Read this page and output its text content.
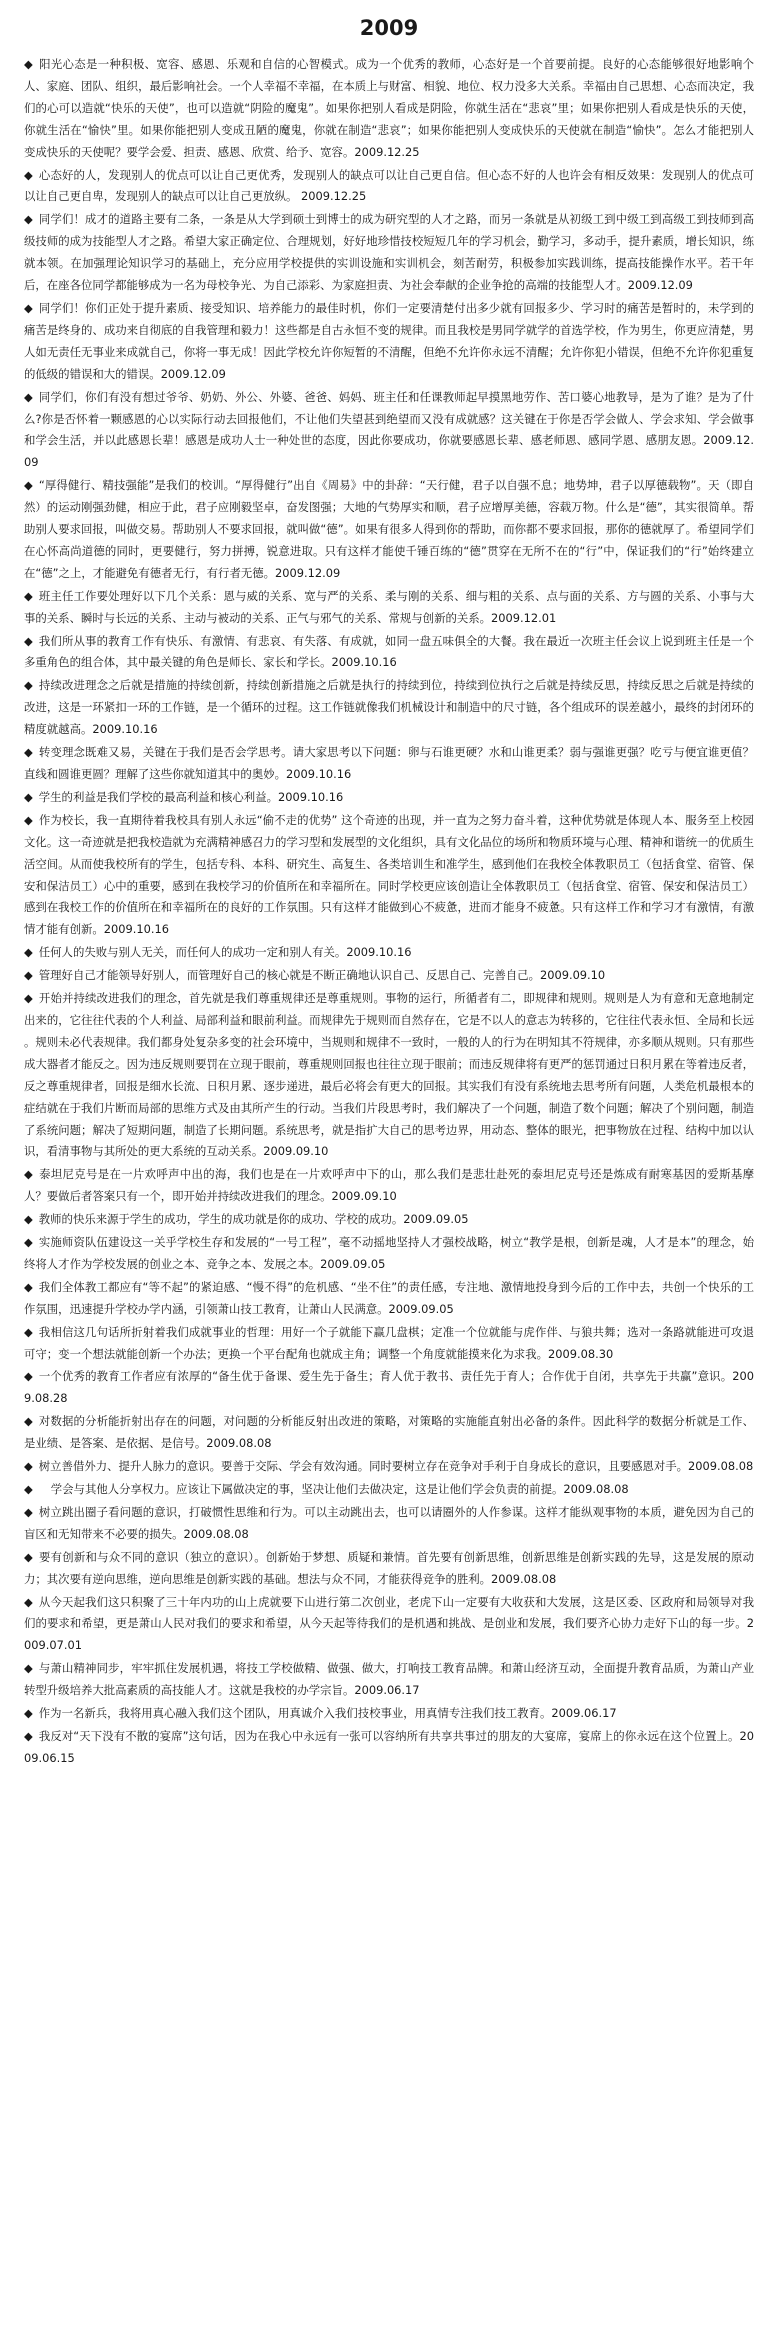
2009

◆ 阳光心态是一种积极、宽容、感恩、乐观和自信的心智模式。成为一个优秀的教师，心态好是一个首要前提。良好的心态能够很好地影响个人、家庭、团队、组织，最后影响社会。一个人幸福不幸福，在本质上与财富、相貌、地位、权力没多大关系。幸福由自己思想、心态而决定，我们的心可以造就“快乐的天使”，也可以造就“阴险的魔鬼”。如果你把别人看成是阴险，你就生活在“悲哀”里；如果你把别人看成是快乐的天使，你就生活在“愉快”里。如果你能把别人变成丑陋的魔鬼，你就在制造“悲哀”；如果你能把别人变成快乐的天使就在制造“愉快”。怎么才能把别人变成快乐的天使呢？要学会爱、担责、感恩、欣赏、给予、宽容。2009.12.25

◆ 心态好的人，发现别人的优点可以让自己更优秀，发现别人的缺点可以让自己更自信。但心态不好的人也许会有相反效果：发现别人的优点可以让自己更自卑，发现别人的缺点可以让自己更放纵。 2009.12.25

◆ 同学们！成才的道路主要有二条，一条是从大学到硕士到博士的成为研究型的人才之路，而另一条就是从初级工到中级工到高级工到技师到高级技师的成为技能型人才之路。希望大家正确定位、合理规划，好好地珍惜技校短短几年的学习机会，勤学习，多动手，提升素质，增长知识，练就本领。在加强理论知识学习的基础上，充分应用学校提供的实训设施和实训机会，刻苦耐劳，积极参加实践训练，提高技能操作水平。若干年后，在座各位同学都能够成为一名为母校争光、为自己添彩、为家庭担责、为社会奉献的企业争抢的高端的技能型人才。2009.12.09

◆ 同学们！你们正处于提升素质、接受知识、培养能力的最佳时机，你们一定要清楚付出多少就有回报多少、学习时的痛苦是暂时的，未学到的痛苦是终身的、成功来自彻底的自我管理和毅力！这些都是自古永恒不变的规律。而且我校是男同学就学的首选学校，作为男生，你更应清楚，男人如无责任无事业来成就自己，你将一事无成！因此学校允许你短暂的不清醒，但绝不允许你永远不清醒；允许你犯小错误，但绝不允许你犯重复的低级的错误和大的错误。2009.12.09

◆ 同学们，你们有没有想过爷爷、奶奶、外公、外婆、爸爸、妈妈、班主任和任课教师起早摸黑地劳作、苦口婆心地教导，是为了谁？是为了什么?你是否怀着一颗感恩的心以实际行动去回报他们，不让他们失望甚到绝望而又没有成就感？这关键在于你是否学会做人、学会求知、学会做事和学会生活，并以此感恩长辈！感恩是成功人士一种处世的态度，因此你要成功，你就要感恩长辈、感老师恩、感同学恩、感朋友恩。2009.12.09

◆ “厚得健行、精技强能”是我们的校训。“厚得健行”出自《周易》中的卦辞：“天行健，君子以自强不息；地势坤，君子以厚德载物”。天（即自然）的运动刚强劲健，相应于此，君子应刚毅坚卓，奋发图强；大地的气势厚实和顺，君子应增厚美德，容载万物。什么是“德”，其实很简单。帮助别人要求回报，叫做交易。帮助别人不要求回报，就叫做“德”。如果有很多人得到你的帮助，而你都不要求回报，那你的德就厚了。希望同学们在心怀高尚道德的同时，更要健行，努力拼搏，锐意进取。只有这样才能使千锤百练的“德”贯穿在无所不在的“行”中，保证我们的“行”始终建立在“德”之上，才能避免有德者无行，有行者无德。2009.12.09

◆ 班主任工作要处理好以下几个关系：恩与威的关系、宽与严的关系、柔与刚的关系、细与粗的关系、点与面的关系、方与圆的关系、小事与大事的关系、瞬时与长远的关系、主动与被动的关系、正气与邪气的关系、常规与创新的关系。2009.12.01

◆ 我们所从事的教育工作有快乐、有激情、有悲哀、有失落、有成就，如同一盘五味俱全的大餐。我在最近一次班主任会议上说到班主任是一个多重角色的组合体，其中最关键的角色是师长、家长和学长。2009.10.16

◆ 持续改进理念之后就是措施的持续创新，持续创新措施之后就是执行的持续到位，持续到位执行之后就是持续反思，持续反思之后就是持续的改进，这是一环紧扣一环的工作链，是一个循环的过程。这工作链就像我们机械设计和制造中的尺寸链，各个组成环的误差越小，最终的封闭环的精度就越高。2009.10.16

◆ 转变理念既难又易，关键在于我们是否会学思考。请大家思考以下问题：卵与石谁更硬？水和山谁更柔？弱与强谁更强？吃亏与便宜谁更值？直线和圆谁更圆？理解了这些你就知道其中的奥妙。2009.10.16

◆ 学生的利益是我们学校的最高利益和核心利益。2009.10.16

◆ 作为校长，我一直期待着我校具有别人永远“偷不走的优势” 这个奇迹的出现，并一直为之努力奋斗着，这种优势就是体现人本、服务至上校园文化。这一奇迹就是把我校造就为充满精神感召力的学习型和发展型的文化组织，具有文化品位的场所和物质环境与心理、精神和谐统一的优质生活空间。从而使我校所有的学生，包括专科、本科、研究生、高复生、各类培训生和准学生，感到他们在我校全体教职员工（包括食堂、宿管、保安和保洁员工）心中的重要，感到在我校学习的价值所在和幸福所在。同时学校更应该创造让全体教职员工（包括食堂、宿管、保安和保洁员工）感到在我校工作的价值所在和幸福所在的良好的工作氛围。只有这样才能做到心不疲惫，进而才能身不疲惫。只有这样工作和学习才有激情，有激情才能有创新。2009.10.16

◆ 任何人的失败与别人无关，而任何人的成功一定和别人有关。2009.10.16

◆ 管理好自己才能领导好别人，而管理好自己的核心就是不断正确地认识自己、反思自己、完善自己。2009.09.10

◆ 开始并持续改进我们的理念，首先就是我们尊重规律还是尊重规则。事物的运行，所循者有二，即规律和规则。规则是人为有意和无意地制定出来的，它往往代表的个人利益、局部利益和眼前利益。而规律先于规则而自然存在，它是不以人的意志为转移的，它往往代表永恒、全局和长远 。规则未必代表规律。我们都身处复杂多变的社会环境中，当规则和规律不一致时，一般的人的行为在明知其不符规律，亦多顺从规则。只有那些成大器者才能反之。因为违反规则要罚在立现于眼前，尊重规则回报也往往立现于眼前；而违反规律将有更严的惩罚通过日积月累在等着违反者，反之尊重规律者，回报是细水长流、日积月累、逐步递进，最后必将会有更大的回报。其实我们有没有系统地去思考所有问题，人类危机最根本的症结就在于我们片断而局部的思维方式及由其所产生的行动。当我们片段思考时，我们解决了一个问题，制造了数个问题；解决了个别问题，制造了系统问题；解决了短期问题，制造了长期问题。系统思考，就是指扩大自己的思考边界，用动态、整体的眼光，把事物放在过程、结构中加以认识，看清事物与其所处的更大系统的互动关系。2009.09.10

◆ 泰坦尼克号是在一片欢呼声中出的海，我们也是在一片欢呼声中下的山，那么我们是悲壮赴死的泰坦尼克号还是炼成有耐寒基因的爱斯基摩人？要做后者答案只有一个，即开始并持续改进我们的理念。2009.09.10

◆ 教师的快乐来源于学生的成功，学生的成功就是你的成功、学校的成功。2009.09.05

◆ 实施师资队伍建设这一关乎学校生存和发展的“一号工程”，毫不动摇地坚持人才强校战略，树立“教学是根，创新是魂，人才是本”的理念，始终将人才作为学校发展的创业之本、竞争之本、发展之本。2009.09.05

◆ 我们全体教工都应有“等不起”的紧迫感、“慢不得”的危机感、“坐不住”的责任感，专注地、激情地投身到今后的工作中去，共创一个快乐的工作氛围，迅速提升学校办学内涵，引领萧山技工教育，让萧山人民满意。2009.09.05

◆ 我相信这几句话所折射着我们成就事业的哲理：用好一个子就能下赢几盘棋；定准一个位就能与虎作伴、与狼共舞；选对一条路就能进可攻退可守；变一个想法就能创新一个办法；更换一个平台配角也就成主角；调整一个角度就能摸来化为求我。2009.08.30

◆ 一个优秀的教育工作者应有浓厚的“备生优于备课、爱生先于备生；育人优于教书、责任先于育人；合作优于自闭，共享先于共赢”意识。2009.08.28

◆ 对数据的分析能折射出存在的问题，对问题的分析能反射出改进的策略，对策略的实施能直射出必备的条件。因此科学的数据分析就是工作、是业绩、是答案、是依据、是信号。2009.08.08

◆ 树立善借外力、提升人脉力的意识。要善于交际、学会有效沟通。同时要树立存在竞争对手利于自身成长的意识，且要感恩对手。2009.08.08

◆ 学会与其他人分享权力。应该让下属做决定的事，坚决让他们去做决定，这是让他们学会负责的前提。2009.08.08

◆ 树立跳出圈子看问题的意识，打破惯性思维和行为。可以主动跳出去，也可以请圈外的人作参谋。这样才能纵观事物的本质，避免因为自己的盲区和无知带来不必要的损失。2009.08.08

◆ 要有创新和与众不同的意识（独立的意识）。创新始于梦想、质疑和兼情。首先要有创新思维，创新思维是创新实践的先导，这是发展的原动力；其次要有逆向思维，逆向思维是创新实践的基础。想法与众不同，才能获得竞争的胜利。2009.08.08

◆ 从今天起我们这只积聚了三十年内功的山上虎就要下山进行第二次创业，老虎下山一定要有大收获和大发展，这是区委、区政府和局领导对我们的要求和希望，更是萧山人民对我们的要求和希望，从今天起等待我们的是机遇和挑战、是创业和发展，我们要齐心协力走好下山的每一步。2009.07.01

◆ 与萧山精神同步，牢牢抓住发展机遇，将技工学校做精、做强、做大，打响技工教育品牌。和萧山经济互动，全面提升教育品质，为萧山产业转型升级培养大批高素质的高技能人才。这就是我校的办学宗旨。2009.06.17

◆ 作为一名新兵，我将用真心融入我们这个团队，用真诚介入我们技校事业，用真情专注我们技工教育。2009.06.17

◆ 我反对“天下没有不散的宴席”这句话，因为在我心中永远有一张可以容纳所有共享共事过的朋友的大宴席，宴席上的你永远在这个位置上。2009.06.15
